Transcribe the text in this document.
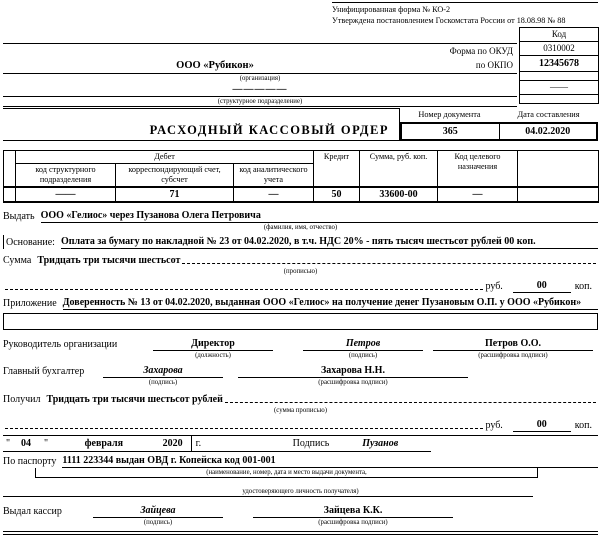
Унифицированная форма № КО-2
Утверждена постановлением Госкомстата России от 18.08.98 № 88
Код
0310002
12345678
——
Форма по ОКУД
ООО «Рубикон»	по ОКПО
(организация)
—————
(структурное подразделение)
РАСХОДНЫЙ КАССОВЫЙ ОРДЕР
Номер документа	Дата составления
365	04.02.2020
	Дебет			Кредит	Сумма, руб. коп.	Код целевого назначения	
	код структурного подразделения	корреспондирующий счет, субсчет	код аналитического учета				
	——	71	—	50	33600-00	—	
Выдать ООО «Гелиос» через Пузанова Олега Петровича
(фамилия, имя, отчество)
Основание: Оплата за бумагу по накладной № 23 от 04.02.2020, в т.ч. НДС 20% - пять тысяч шестьсот рублей 00 коп.
Сумма Тридцать три тысячи шестьсот
(прописью)
руб.	00	коп.
Приложение Доверенность № 13 от 04.02.2020, выданная ООО «Гелиос» на получение денег Пузановым О.П. у ООО «Рубикон»
Руководитель организации	Директор	Петров	Петров О.О.
(должность)	(подпись)	(расшифровка подписи)
Главный бухгалтер	Захарова	Захарова Н.Н.
(подпись)	(расшифровка подписи)
Получил Тридцать три тысячи шестьсот рублей
(сумма прописью)
руб.	00	коп.
"	04	"	февраля	2020	г.	Подпись	Пузанов
По паспорту 1111 223344 выдан ОВД г. Копейска код 001-001
(наименование, номер, дата и место выдачи документа,
удостоверяющего личность получателя)
Выдал кассир	Зайцева	Зайцева К.К.
(подпись)	(расшифровка подписи)
